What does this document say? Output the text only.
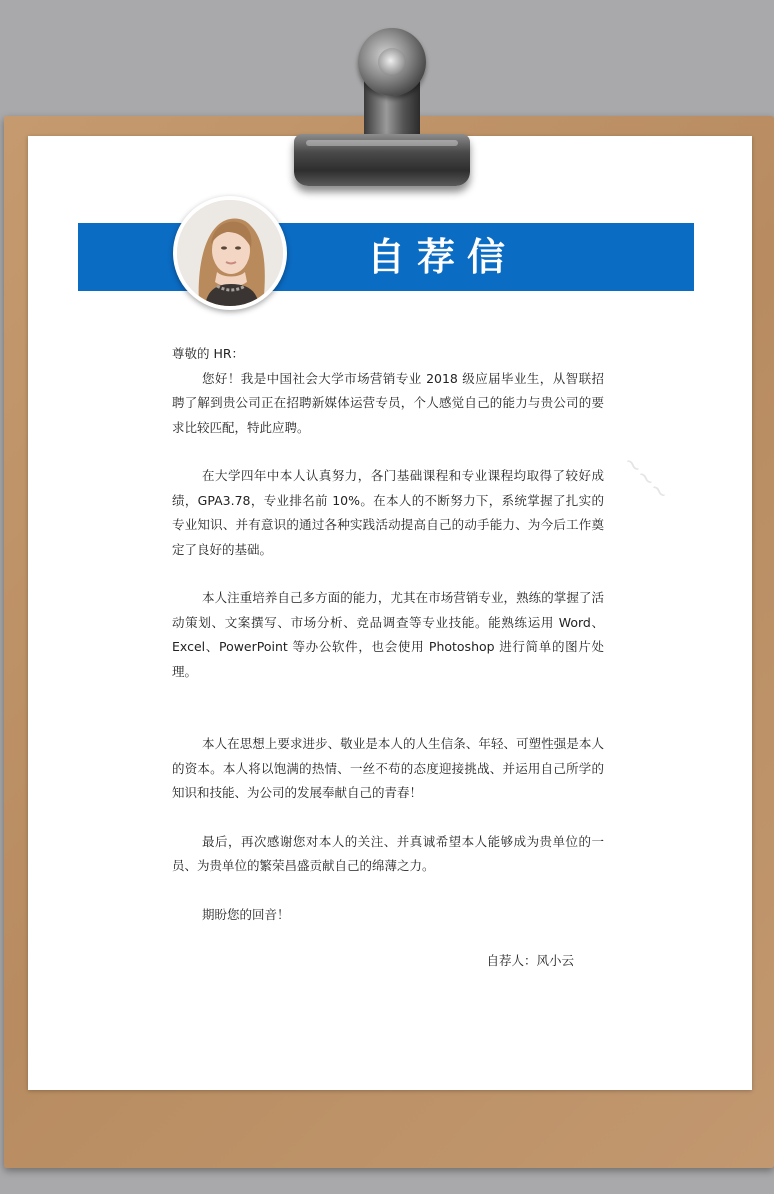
~~~
自荐信

尊敬的 HR：

您好！我是中国社会大学市场营销专业 2018 级应届毕业生，从智联招聘了解到贵公司正在招聘新媒体运营专员，个人感觉自己的能力与贵公司的要求比较匹配，特此应聘。

在大学四年中本人认真努力，各门基础课程和专业课程均取得了较好成绩，GPA3.78，专业排名前 10%。在本人的不断努力下，系统掌握了扎实的专业知识、并有意识的通过各种实践活动提高自己的动手能力、为今后工作奠定了良好的基础。

本人注重培养自己多方面的能力，尤其在市场营销专业，熟练的掌握了活动策划、文案撰写、市场分析、竞品调查等专业技能。能熟练运用 Word、Excel、PowerPoint 等办公软件，也会使用 Photoshop 进行简单的图片处理。

本人在思想上要求进步、敬业是本人的人生信条、年轻、可塑性强是本人的资本。本人将以饱满的热情、一丝不苟的态度迎接挑战、并运用自己所学的知识和技能、为公司的发展奉献自己的青春！

最后，再次感谢您对本人的关注、并真诚希望本人能够成为贵单位的一员、为贵单位的繁荣昌盛贡献自己的绵薄之力。

期盼您的回音！

自荐人：风小云
